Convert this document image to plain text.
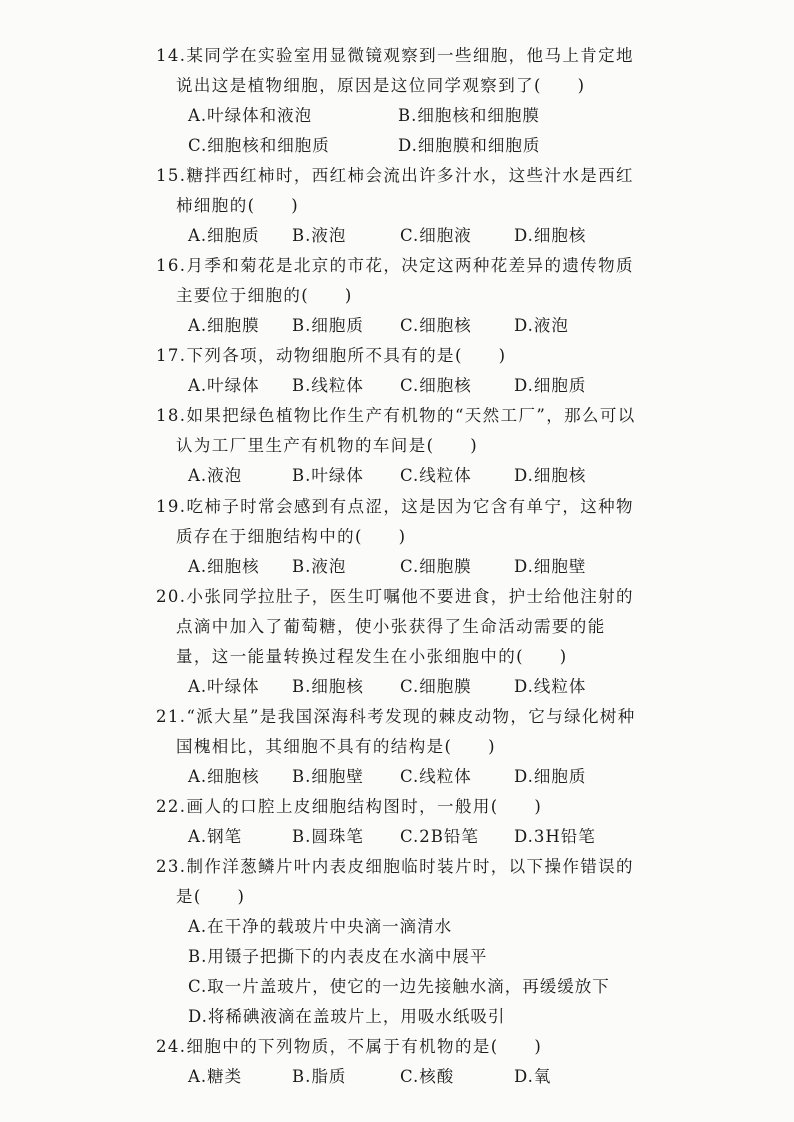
14.某同学在实验室用显微镜观察到一些细胞，他马上肯定地
说出这是植物细胞，原因是这位同学观察到了(　　)
A.叶绿体和液泡	B.细胞核和细胞膜
C.细胞核和细胞质	D.细胞膜和细胞质
15.糖拌西红柿时，西红柿会流出许多汁水，这些汁水是西红
柿细胞的(　　)
A.细胞质 B.液泡	C.细胞液	D.细胞核
16.月季和菊花是北京的市花，决定这两种花差异的遗传物质
主要位于细胞的(　　)
A.细胞膜 B.细胞质 C.细胞核	D.液泡
17.下列各项，动物细胞所不具有的是(　　)
A.叶绿体 B.线粒体 C.细胞核	D.细胞质
18.如果把绿色植物比作生产有机物的“天然工厂”，那么可以
认为工厂里生产有机物的车间是(　　)
A.液泡	B.叶绿体 C.线粒体	D.细胞核
19.吃柿子时常会感到有点涩，这是因为它含有单宁，这种物
质存在于细胞结构中的(　　)
A.细胞核 B.液泡	C.细胞膜	D.细胞壁
20.小张同学拉肚子，医生叮嘱他不要进食，护士给他注射的
点滴中加入了葡萄糖，使小张获得了生命活动需要的能
量，这一能量转换过程发生在小张细胞中的(　　)
A.叶绿体 B.细胞核 C.细胞膜	D.线粒体
21.“派大星”是我国深海科考发现的棘皮动物，它与绿化树种
国槐相比，其细胞不具有的结构是(　　)
A.细胞核 B.细胞壁 C.线粒体	D.细胞质
22.画人的口腔上皮细胞结构图时，一般用(　　)
A.钢笔	B.圆珠笔 C.2B铅笔 D.3H铅笔
23.制作洋葱鳞片叶内表皮细胞临时装片时，以下操作错误的
是(　　)
A.在干净的载玻片中央滴一滴清水
B.用镊子把撕下的内表皮在水滴中展平
C.取一片盖玻片，使它的一边先接触水滴，再缓缓放下
D.将稀碘液滴在盖玻片上，用吸水纸吸引
24.细胞中的下列物质，不属于有机物的是(　　)
A.糖类	B.脂质	C.核酸	D.氧
